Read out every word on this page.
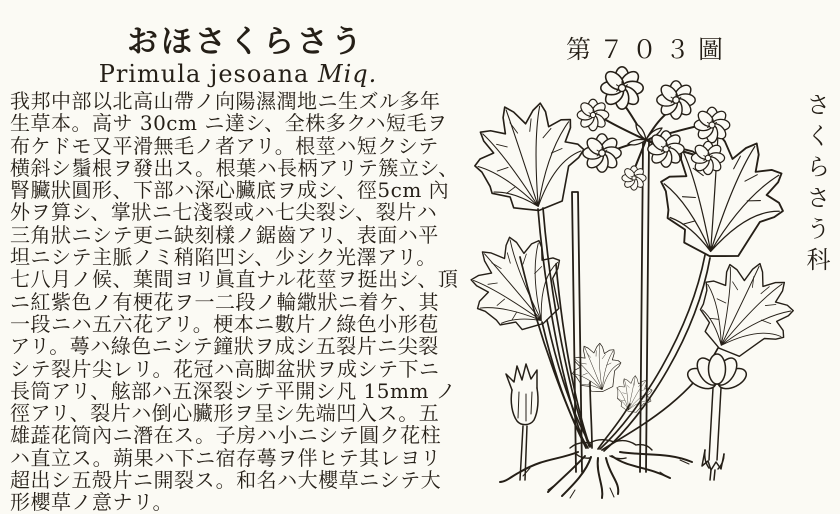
おほさくらさう
Primula jesoana Miq.
我邦中部以北高山帶ノ向陽濕潤地ニ生ズル多年
生草本。高サ 30cm ニ達シ、全株多クハ短毛ヲ
布ケドモ又平滑無毛ノ者アリ。根莖ハ短クシテ
横斜シ鬚根ヲ發出ス。根葉ハ長柄アリテ簇立シ、
腎臟狀圓形、下部ハ深心臟底ヲ成シ、徑5cm 內
外ヲ算シ、掌狀ニ七淺裂或ハ七尖裂シ、裂片ハ
三角狀ニシテ更ニ缺刻樣ノ鋸齒アリ、表面ハ平
坦ニシテ主脈ノミ稍陷凹シ、少シク光澤アリ。
七八月ノ候、葉間ヨリ眞直ナル花莖ヲ挺出シ、頂
ニ紅紫色ノ有梗花ヲ一二段ノ輪繖狀ニ着ケ、其
一段ニハ五六花アリ。梗本ニ數片ノ綠色小形苞
アリ。蕚ハ綠色ニシテ鐘狀ヲ成シ五裂片ニ尖裂
シテ裂片尖レリ。花冠ハ高脚盆狀ヲ成シテ下ニ
長筒アリ、舷部ハ五深裂シテ平開シ凡 15mm ノ
徑アリ、裂片ハ倒心臟形ヲ呈シ先端凹入ス。五
雄蕋花筒內ニ潛在ス。子房ハ小ニシテ圓ク花柱
ハ直立ス。蒴果ハ下ニ宿存蕚ヲ伴ヒテ其レヨリ
超出シ五殻片ニ開裂ス。和名ハ大櫻草ニシテ大
形櫻草ノ意ナリ。
第７０３圖
さくらさう科
